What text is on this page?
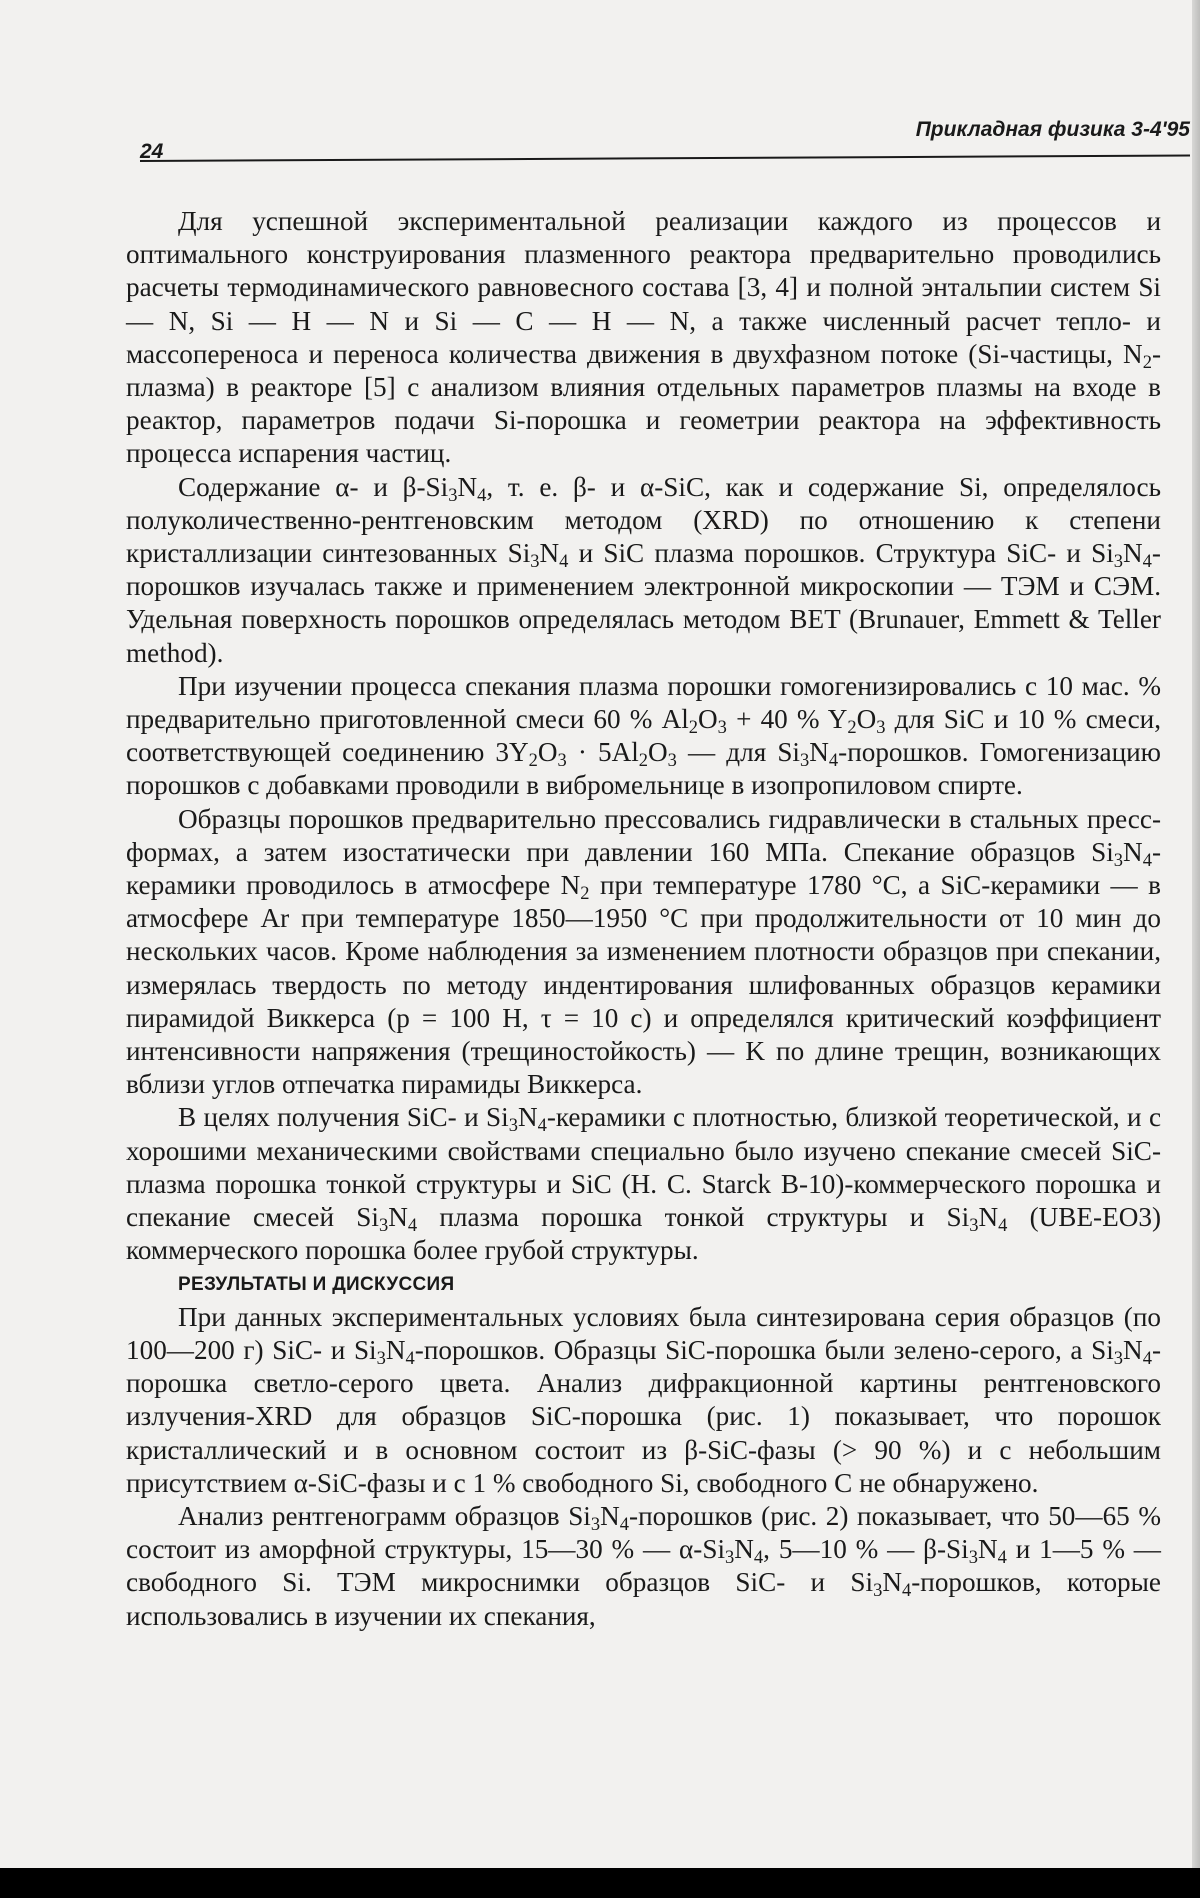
24
Прикладная физика 3-4'95

Для успешной экспериментальной реализации каждого из процессов и оптимального конструирования плазменного реактора предварительно проводились расчеты термодинамического равновесного состава [3, 4] и полной энтальпии систем Si — N, Si — H — N и Si — C — H — N, а также численный расчет тепло- и массопереноса и переноса количества движения в двухфазном потоке (Si-частицы, $N_2-плазма$) в реакторе [5] с анализом влияния отдельных параметров плазмы на входе в реактор, параметров подачи Si-порошка и геометрии реактора на эффективность процесса испарения частиц.

Содержание α- и $\beta-Si_3N_4$, т. е. β- и α-SiC, как и содержание Si, определялось полуколичественно-рентгеновским методом (XRD) по отношению к степени кристаллизации синтезованных $Si_3N_4$ и SiC плазма порошков. Структура SiC- и $Si_3N_4$-порошков изучалась также и применением электронной микроскопии — ТЭМ и СЭМ. Удельная поверхность порошков определялась методом BET (Brunauer, Emmett & Teller method).

При изучении процесса спекания плазма порошки гомогенизировались с 10 мас. % предварительно приготовленной смеси 60 % $Al_2O_3 + 40$ % $Y_2O_3$ для SiC и 10 % смеси, соответствующей соединению $3Y_2O_3 \cdot 5Al_2O_3$ — для $Si_3N_4$-порошков. Гомогенизацию порошков с добавками проводили в вибромельнице в изопропиловом спирте.

Образцы порошков предварительно прессовались гидравлически в стальных пресс-формах, а затем изостатически при давлении 160 МПа. Спекание образцов $Si_3N_4$-керамики проводилось в атмосфере $N_2$ при температуре 1780 °С, а SiC-керамики — в атмосфере Ar при температуре 1850—1950 °С при продолжительности от 10 мин до нескольких часов. Кроме наблюдения за изменением плотности образцов при спекании, измерялась твердость по методу индентирования шлифованных образцов керамики пирамидой Виккерса (p = 100 Н, τ = 10 с) и определялся критический коэффициент интенсивности напряжения (трещиностойкость) — K по длине трещин, возникающих вблизи углов отпечатка пирамиды Виккерса.

В целях получения SiC- и $Si_3N_4$-керамики с плотностью, близкой теоретической, и с хорошими механическими свойствами специально было изучено спекание смесей SiC-плазма порошка тонкой структуры и SiC (H. C. Starck B-10)-коммерческого порошка и спекание смесей $Si_3N_4$ плазма порошка тонкой структуры и $Si_3N_4$ (UBE-EO3) коммерческого порошка более грубой структуры.

РЕЗУЛЬТАТЫ И ДИСКУССИЯ

При данных экспериментальных условиях была синтезирована серия образцов (по 100—200 г) SiC- и $Si_3N_4$-порошков. Образцы SiC-порошка были зелено-серого, а $Si_3N_4$-порошка светло-серого цвета. Анализ дифракционной картины рентгеновского излучения-XRD для образцов SiC-порошка (рис. 1) показывает, что порошок кристаллический и в основном состоит из β-SiC-фазы (> 90 %) и с небольшим присутствием α-SiC-фазы и с 1 % свободного Si, свободного C не обнаружено.

Анализ рентгенограмм образцов $Si_3N_4$-порошков (рис. 2) показывает, что 50—65 % состоит из аморфной структуры, 15—30 % — $\alpha-Si_3N_4$, 5—10 % — $\beta-Si_3N_4$ и 1—5 % — свободного Si. ТЭМ микроснимки образцов SiC- и $Si_3N_4$-порошков, которые использовались в изучении их спекания,
